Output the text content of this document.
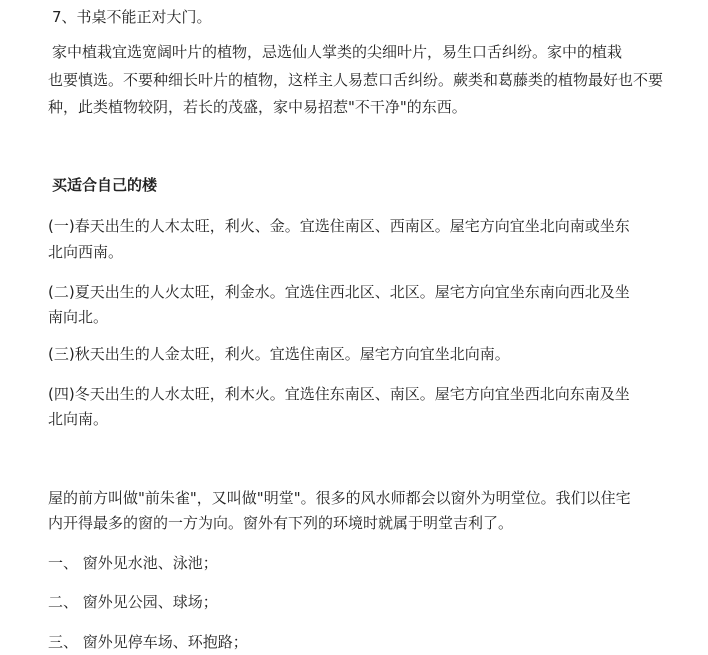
7、书桌不能正对大门。
家中植栽宜选宽阔叶片的植物，忌选仙人掌类的尖细叶片，易生口舌纠纷。家中的植栽
也要慎选。不要种细长叶片的植物，这样主人易惹口舌纠纷。蕨类和葛藤类的植物最好也不要
种，此类植物较阴，若长的茂盛，家中易招惹"不干净"的东西。
买适合自己的楼
(一)春天出生的人木太旺，利火、金。宜选住南区、西南区。屋宅方向宜坐北向南或坐东
北向西南。
(二)夏天出生的人火太旺，利金水。宜选住西北区、北区。屋宅方向宜坐东南向西北及坐
南向北。
(三)秋天出生的人金太旺，利火。宜选住南区。屋宅方向宜坐北向南。
(四)冬天出生的人水太旺，利木火。宜选住东南区、南区。屋宅方向宜坐西北向东南及坐
北向南。
屋的前方叫做"前朱雀"，又叫做"明堂"。很多的风水师都会以窗外为明堂位。我们以住宅
内开得最多的窗的一方为向。窗外有下列的环境时就属于明堂吉利了。
一、 窗外见水池、泳池；
二、 窗外见公园、球场；
三、 窗外见停车场、环抱路；
